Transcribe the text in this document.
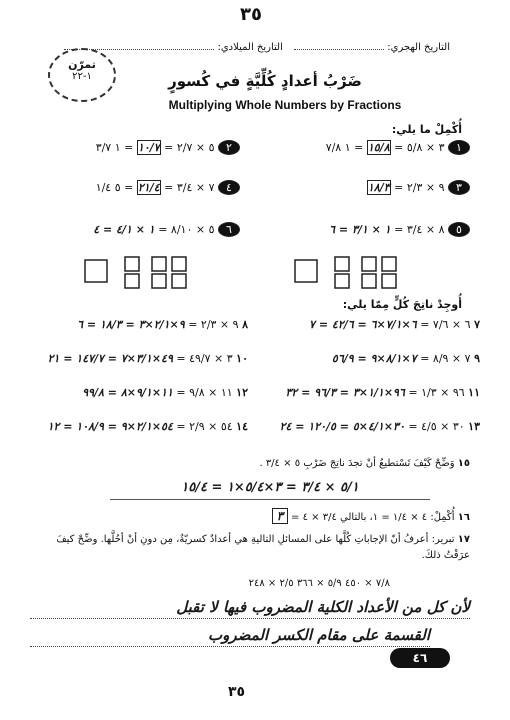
٣٥
التاريخ الهجري:  التاريخ الميلادي:
تمرّن
١-٢٢	ضَرْبُ أعدادٍ كُلِّيَّةٍ في كُسورٍ
Multiplying Whole Numbers by Fractions
أُكْمِلْ ما يلي:
١ ٣ × ٥/٨ = ١٥/٨ = ١ ٧/٨
٢ ٥ × ٢/٧ = ١٠/٧ = ١ ٣/٧
٣ ٩ × ٢/٣ = ١٨/٣
٤ ٧ × ٣/٤ = ٢١/٤ = ٥ ١/٤
٥ ٨ × ٣/٤ = ١ × ٣/١ = ٦
٦ ٥ × ٨/١٠ = ١ × ٤/١ = ٤
أُوجِدْ ناتِجَ كُلٍّ مِمّا يلي:
٧ ٦ × ٧/٦ = ٦×٧/١×٦ = ٤٢/٦ = ٧
٩ ٧ × ٨/٩ = ٧×٨/١×٩ = ٥٦/٩
١١ ٩٦ × ١/٣ = ٩٦×١/١×٣ = ٩٦/٣ = ٣٢
١٣ ٣٠ × ٤/٥ = ٣٠×٤/١×٥ = ١٢٠/٥ = ٢٤
٨ ٩ × ٢/٣ = ٩×٢/١×٣ = ١٨/٣ = ٦
١٠ ٣ × ٤٩/٧ = ٤٩×٣/١×٧ = ١٤٧/٧ = ٢١
١٢ ١١ × ٩/٨ = ١١×٩/١×٨ = ٩٩/٨
١٤ ٥٤ × ٢/٩ = ٥٤×٢/١×٩ = ١٠٨/٩ = ١٢
١٥ وَضِّحْ كَيْفَ تَسْتطيعُ أنْ تجدَ ناتِجَ ضَرْبِ ٥ × ٣/٤ .
٥/١ × ٣/٤ = ٣×٥/٤×١ = ١٥/٤
١٦ أُكْمِلْ: ٤ × ١/٤ = ١، بالتالي ٣/٤ × ٤ = ٣
١٧ تبرير: أعرفُ أنّ الإجاباتِ كُلَّها على المسائلِ التاليةِ هي أعدادٌ كسريّةٌ، مِن دونِ أنْ أحُلَّها. وضِّحْ كيفَ عرَفْتُ ذلكَ.
٧/٨ × ٤٥٠ ٥/٩ × ٣٦٦ ٢/٥ × ٢٤٨
لأن كل من الأعداد الكلية المضروب فيها لا تقبل
القسمة على مقام الكسر المضروب
٤٦
٣٥
